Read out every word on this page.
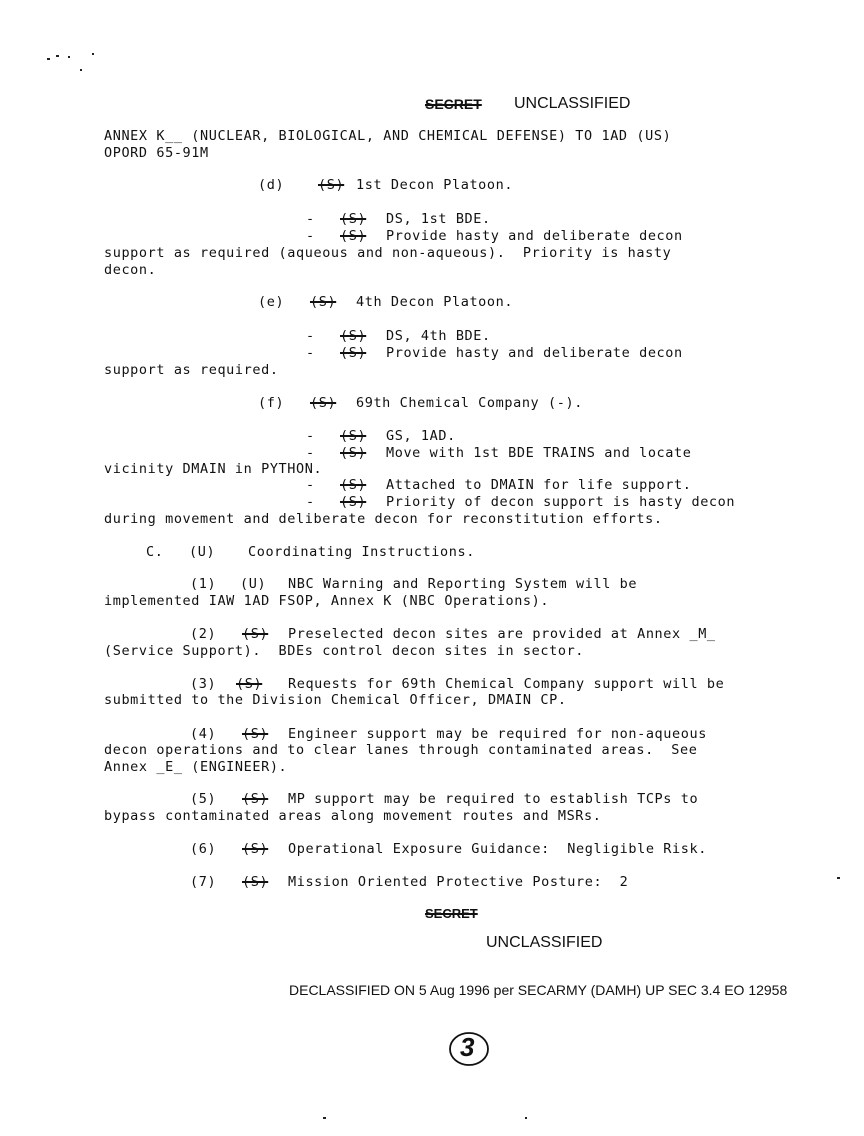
SECRET UNCLASSIFIED
ANNEX K__ (NUCLEAR, BIOLOGICAL, AND CHEMICAL DEFENSE) TO 1AD (US)
OPORD 65-91M
(d)	(S) 1st Decon Platoon.
- (S) DS, 1st BDE.
- (S) Provide hasty and deliberate decon
support as required (aqueous and non-aqueous).  Priority is hasty
decon.
(e) (S) 4th Decon Platoon.
- (S) DS, 4th BDE.
- (S) Provide hasty and deliberate decon
support as required.
(f) (S) 69th Chemical Company (-).
- (S) GS, 1AD.
- (S) Move with 1st BDE TRAINS and locate
vicinity DMAIN in PYTHON.
- (S) Attached to DMAIN for life support.
- (S) Priority of decon support is hasty decon
during movement and deliberate decon for reconstitution efforts.
C. (U) Coordinating Instructions.
(1) (U) NBC Warning and Reporting System will be
implemented IAW 1AD FSOP, Annex K (NBC Operations).
(2) (S) Preselected decon sites are provided at Annex _M_
(Service Support).  BDEs control decon sites in sector.
(3) (S) Requests for 69th Chemical Company support will be
submitted to the Division Chemical Officer, DMAIN CP.
(4) (S) Engineer support may be required for non-aqueous
decon operations and to clear lanes through contaminated areas.  See
Annex _E_ (ENGINEER).
(5) (S) MP support may be required to establish TCPs to
bypass contaminated areas along movement routes and MSRs.
(6) (S) Operational Exposure Guidance:  Negligible Risk.
(7) (S) Mission Oriented Protective Posture:  2
SECRET
UNCLASSIFIED
DECLASSIFIED ON 5 Aug 1996 per SECARMY (DAMH) UP SEC 3.4 EO 12958
3
